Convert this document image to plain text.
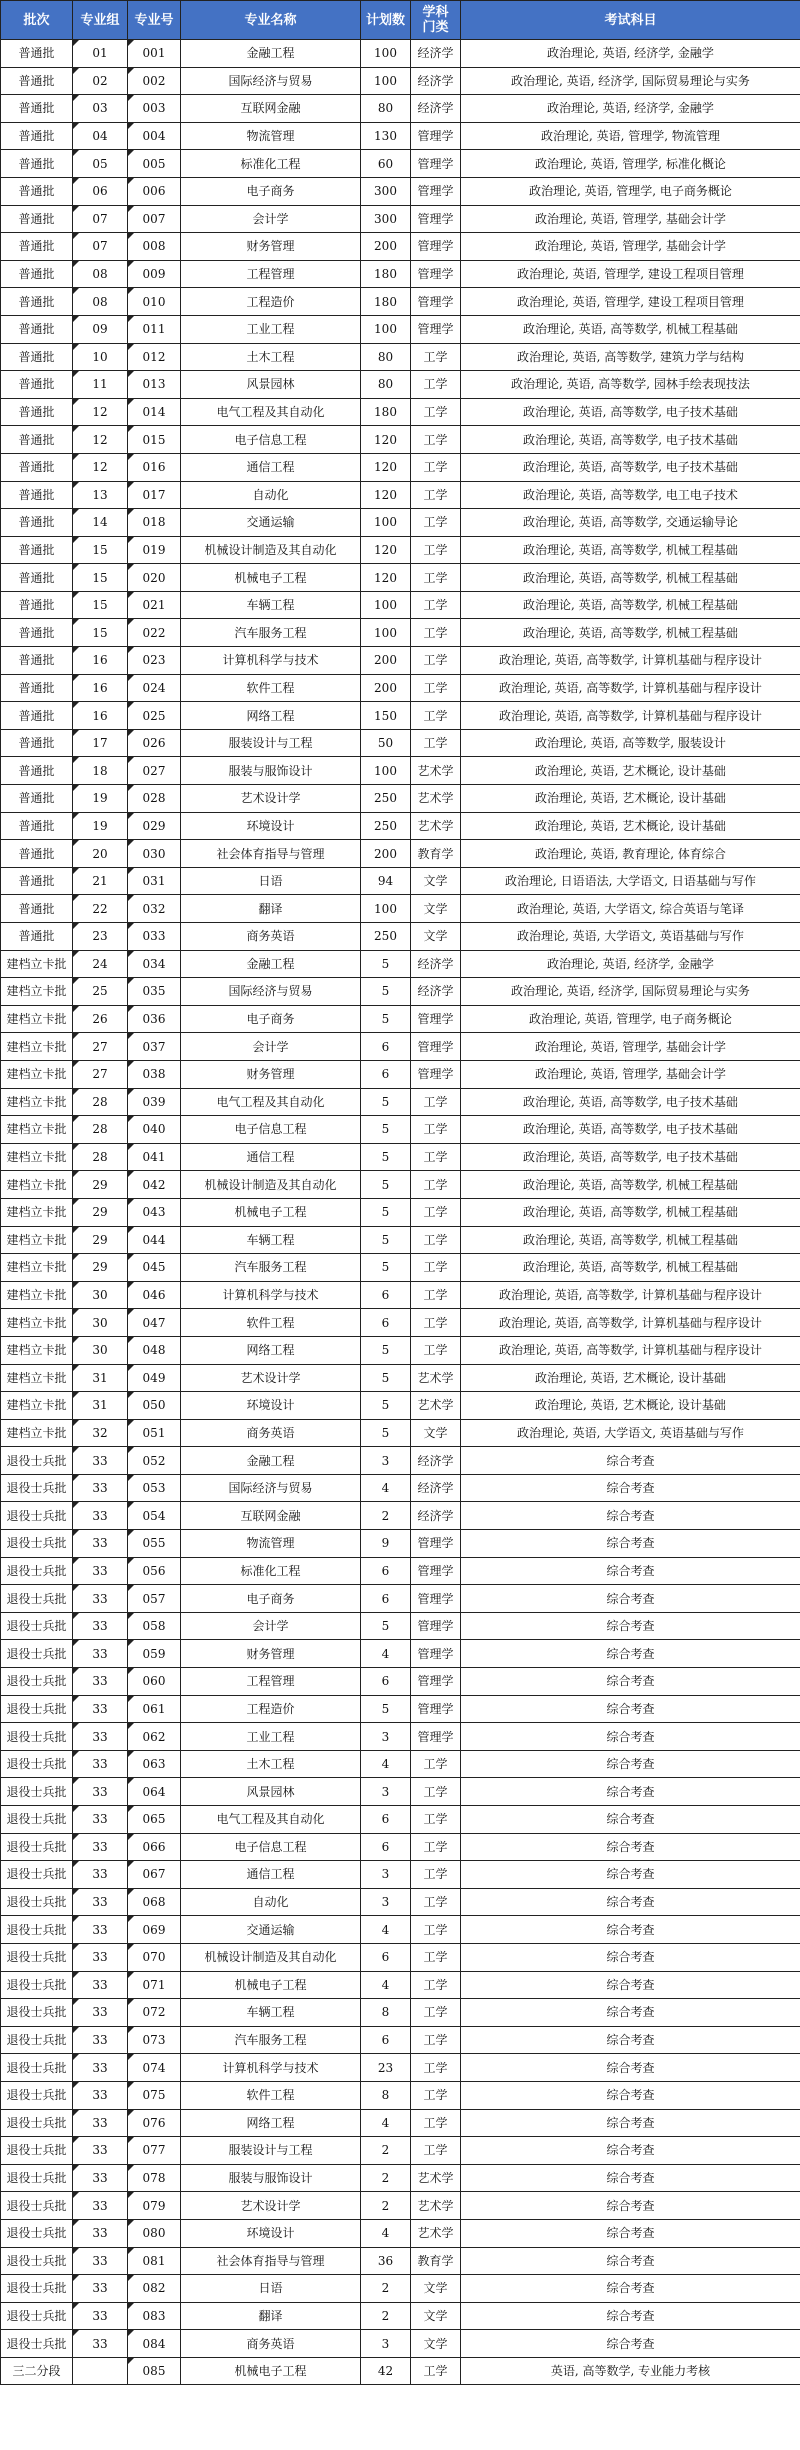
批次	专业组	专业号	专业名称	计划数	学科门类	考试科目
普通批	01	001	金融工程	100	经济学	政治理论, 英语, 经济学, 金融学
普通批	02	002	国际经济与贸易	100	经济学	政治理论, 英语, 经济学, 国际贸易理论与实务
普通批	03	003	互联网金融	80	经济学	政治理论, 英语, 经济学, 金融学
普通批	04	004	物流管理	130	管理学	政治理论, 英语, 管理学, 物流管理
普通批	05	005	标准化工程	60	管理学	政治理论, 英语, 管理学, 标准化概论
普通批	06	006	电子商务	300	管理学	政治理论, 英语, 管理学, 电子商务概论
普通批	07	007	会计学	300	管理学	政治理论, 英语, 管理学, 基础会计学
普通批	07	008	财务管理	200	管理学	政治理论, 英语, 管理学, 基础会计学
普通批	08	009	工程管理	180	管理学	政治理论, 英语, 管理学, 建设工程项目管理
普通批	08	010	工程造价	180	管理学	政治理论, 英语, 管理学, 建设工程项目管理
普通批	09	011	工业工程	100	管理学	政治理论, 英语, 高等数学, 机械工程基础
普通批	10	012	土木工程	80	工学	政治理论, 英语, 高等数学, 建筑力学与结构
普通批	11	013	风景园林	80	工学	政治理论, 英语, 高等数学, 园林手绘表现技法
普通批	12	014	电气工程及其自动化	180	工学	政治理论, 英语, 高等数学, 电子技术基础
普通批	12	015	电子信息工程	120	工学	政治理论, 英语, 高等数学, 电子技术基础
普通批	12	016	通信工程	120	工学	政治理论, 英语, 高等数学, 电子技术基础
普通批	13	017	自动化	120	工学	政治理论, 英语, 高等数学, 电工电子技术
普通批	14	018	交通运输	100	工学	政治理论, 英语, 高等数学, 交通运输导论
普通批	15	019	机械设计制造及其自动化	120	工学	政治理论, 英语, 高等数学, 机械工程基础
普通批	15	020	机械电子工程	120	工学	政治理论, 英语, 高等数学, 机械工程基础
普通批	15	021	车辆工程	100	工学	政治理论, 英语, 高等数学, 机械工程基础
普通批	15	022	汽车服务工程	100	工学	政治理论, 英语, 高等数学, 机械工程基础
普通批	16	023	计算机科学与技术	200	工学	政治理论, 英语, 高等数学, 计算机基础与程序设计
普通批	16	024	软件工程	200	工学	政治理论, 英语, 高等数学, 计算机基础与程序设计
普通批	16	025	网络工程	150	工学	政治理论, 英语, 高等数学, 计算机基础与程序设计
普通批	17	026	服装设计与工程	50	工学	政治理论, 英语, 高等数学, 服装设计
普通批	18	027	服装与服饰设计	100	艺术学	政治理论, 英语, 艺术概论, 设计基础
普通批	19	028	艺术设计学	250	艺术学	政治理论, 英语, 艺术概论, 设计基础
普通批	19	029	环境设计	250	艺术学	政治理论, 英语, 艺术概论, 设计基础
普通批	20	030	社会体育指导与管理	200	教育学	政治理论, 英语, 教育理论, 体育综合
普通批	21	031	日语	94	文学	政治理论, 日语语法, 大学语文, 日语基础与写作
普通批	22	032	翻译	100	文学	政治理论, 英语, 大学语文, 综合英语与笔译
普通批	23	033	商务英语	250	文学	政治理论, 英语, 大学语文, 英语基础与写作
建档立卡批	24	034	金融工程	5	经济学	政治理论, 英语, 经济学, 金融学
建档立卡批	25	035	国际经济与贸易	5	经济学	政治理论, 英语, 经济学, 国际贸易理论与实务
建档立卡批	26	036	电子商务	5	管理学	政治理论, 英语, 管理学, 电子商务概论
建档立卡批	27	037	会计学	6	管理学	政治理论, 英语, 管理学, 基础会计学
建档立卡批	27	038	财务管理	6	管理学	政治理论, 英语, 管理学, 基础会计学
建档立卡批	28	039	电气工程及其自动化	5	工学	政治理论, 英语, 高等数学, 电子技术基础
建档立卡批	28	040	电子信息工程	5	工学	政治理论, 英语, 高等数学, 电子技术基础
建档立卡批	28	041	通信工程	5	工学	政治理论, 英语, 高等数学, 电子技术基础
建档立卡批	29	042	机械设计制造及其自动化	5	工学	政治理论, 英语, 高等数学, 机械工程基础
建档立卡批	29	043	机械电子工程	5	工学	政治理论, 英语, 高等数学, 机械工程基础
建档立卡批	29	044	车辆工程	5	工学	政治理论, 英语, 高等数学, 机械工程基础
建档立卡批	29	045	汽车服务工程	5	工学	政治理论, 英语, 高等数学, 机械工程基础
建档立卡批	30	046	计算机科学与技术	6	工学	政治理论, 英语, 高等数学, 计算机基础与程序设计
建档立卡批	30	047	软件工程	6	工学	政治理论, 英语, 高等数学, 计算机基础与程序设计
建档立卡批	30	048	网络工程	5	工学	政治理论, 英语, 高等数学, 计算机基础与程序设计
建档立卡批	31	049	艺术设计学	5	艺术学	政治理论, 英语, 艺术概论, 设计基础
建档立卡批	31	050	环境设计	5	艺术学	政治理论, 英语, 艺术概论, 设计基础
建档立卡批	32	051	商务英语	5	文学	政治理论, 英语, 大学语文, 英语基础与写作
退役士兵批	33	052	金融工程	3	经济学	综合考查
退役士兵批	33	053	国际经济与贸易	4	经济学	综合考查
退役士兵批	33	054	互联网金融	2	经济学	综合考查
退役士兵批	33	055	物流管理	9	管理学	综合考查
退役士兵批	33	056	标准化工程	6	管理学	综合考查
退役士兵批	33	057	电子商务	6	管理学	综合考查
退役士兵批	33	058	会计学	5	管理学	综合考查
退役士兵批	33	059	财务管理	4	管理学	综合考查
退役士兵批	33	060	工程管理	6	管理学	综合考查
退役士兵批	33	061	工程造价	5	管理学	综合考查
退役士兵批	33	062	工业工程	3	管理学	综合考查
退役士兵批	33	063	土木工程	4	工学	综合考查
退役士兵批	33	064	风景园林	3	工学	综合考查
退役士兵批	33	065	电气工程及其自动化	6	工学	综合考查
退役士兵批	33	066	电子信息工程	6	工学	综合考查
退役士兵批	33	067	通信工程	3	工学	综合考查
退役士兵批	33	068	自动化	3	工学	综合考查
退役士兵批	33	069	交通运输	4	工学	综合考查
退役士兵批	33	070	机械设计制造及其自动化	6	工学	综合考查
退役士兵批	33	071	机械电子工程	4	工学	综合考查
退役士兵批	33	072	车辆工程	8	工学	综合考查
退役士兵批	33	073	汽车服务工程	6	工学	综合考查
退役士兵批	33	074	计算机科学与技术	23	工学	综合考查
退役士兵批	33	075	软件工程	8	工学	综合考查
退役士兵批	33	076	网络工程	4	工学	综合考查
退役士兵批	33	077	服装设计与工程	2	工学	综合考查
退役士兵批	33	078	服装与服饰设计	2	艺术学	综合考查
退役士兵批	33	079	艺术设计学	2	艺术学	综合考查
退役士兵批	33	080	环境设计	4	艺术学	综合考查
退役士兵批	33	081	社会体育指导与管理	36	教育学	综合考查
退役士兵批	33	082	日语	2	文学	综合考查
退役士兵批	33	083	翻译	2	文学	综合考查
退役士兵批	33	084	商务英语	3	文学	综合考查
三二分段		085	机械电子工程	42	工学	英语, 高等数学, 专业能力考核
